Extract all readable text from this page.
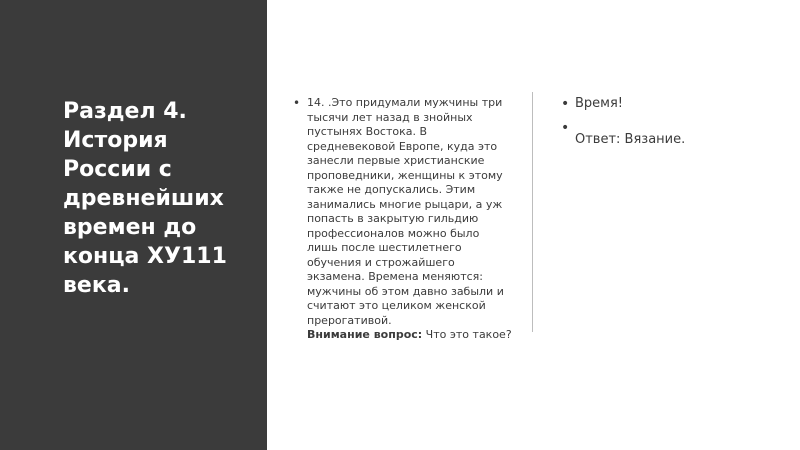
Раздел 4. История России с древнейших времен до конца ХУ111 века.
• 14. .Это придумали мужчины три тысячи лет назад в знойных пустынях Востока. В средневековой Европе, куда это занесли первые христианские проповедники, женщины к этому также не допускались. Этим занимались многие рыцари, а уж попасть в закрытую гильдию профессионалов можно было лишь после шестилетнего обучения и строжайшего экзамена. Времена меняются: мужчины об этом давно забыли и считают это целиком женской прерогативой.
Внимание вопрос: Что это такое?
• Время!
•
Ответ: Вязание.
